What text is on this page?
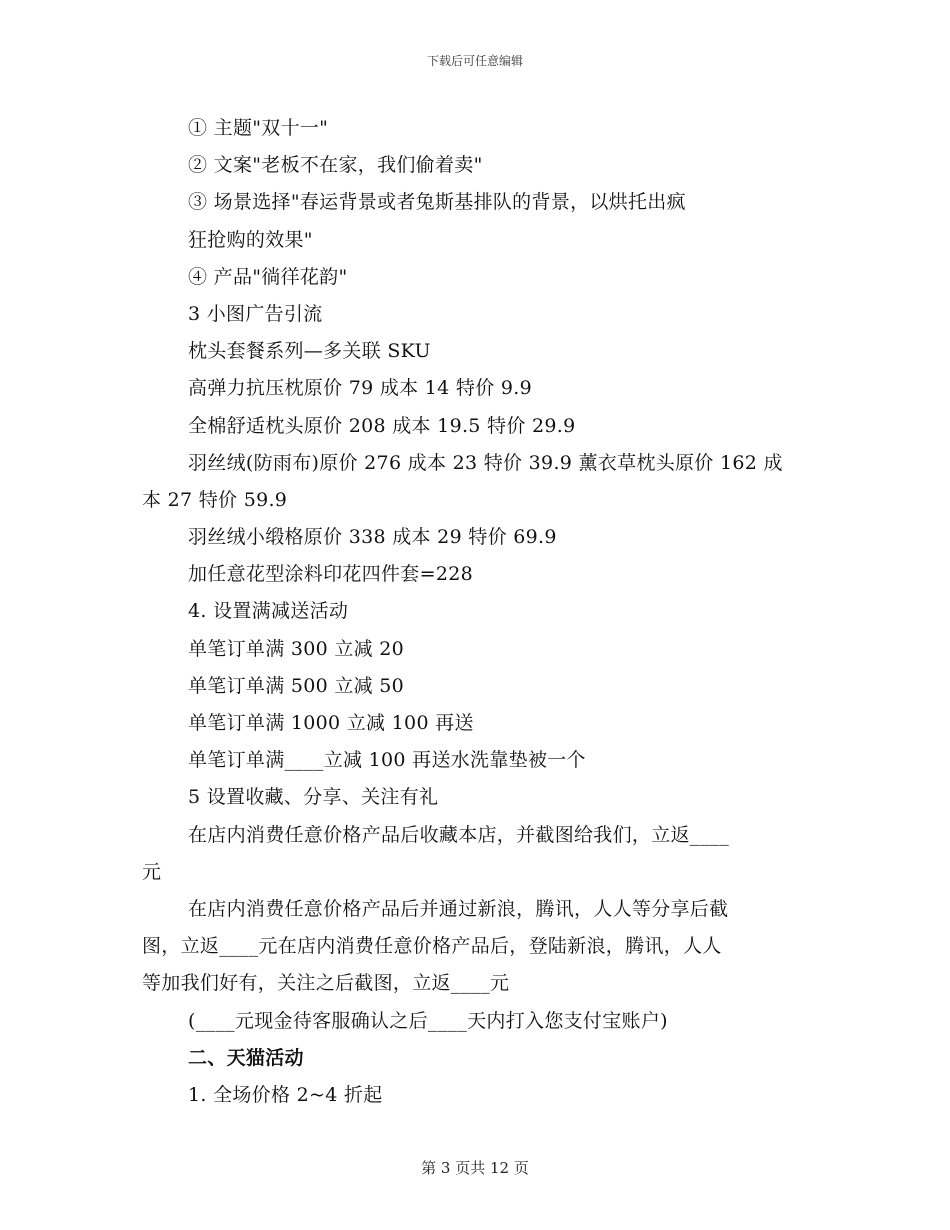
下载后可任意编辑
① 主题"双十一"
② 文案"老板不在家，我们偷着卖"
③ 场景选择"春运背景或者兔斯基排队的背景，以烘托出疯
狂抢购的效果"
④ 产品"徜徉花韵"
3 小图广告引流
枕头套餐系列—多关联 SKU
高弹力抗压枕原价 79 成本 14 特价 9.9
全棉舒适枕头原价 208 成本 19.5 特价 29.9
羽丝绒(防雨布)原价 276 成本 23 特价 39.9 薰衣草枕头原价 162 成
本 27 特价 59.9
羽丝绒小缎格原价 338 成本 29 特价 69.9
加任意花型涂料印花四件套=228
4. 设置满减送活动
单笔订单满 300 立减 20
单笔订单满 500 立减 50
单笔订单满 1000 立减 100 再送
单笔订单满____立减 100 再送水洗靠垫被一个
5 设置收藏、分享、关注有礼
在店内消费任意价格产品后收藏本店，并截图给我们，立返____
元
在店内消费任意价格产品后并通过新浪，腾讯，人人等分享后截
图，立返____元在店内消费任意价格产品后，登陆新浪，腾讯，人人
等加我们好有，关注之后截图，立返____元
(____元现金待客服确认之后____天内打入您支付宝账户)
二、天猫活动
1. 全场价格 2~4 折起
第 3 页共 12 页
